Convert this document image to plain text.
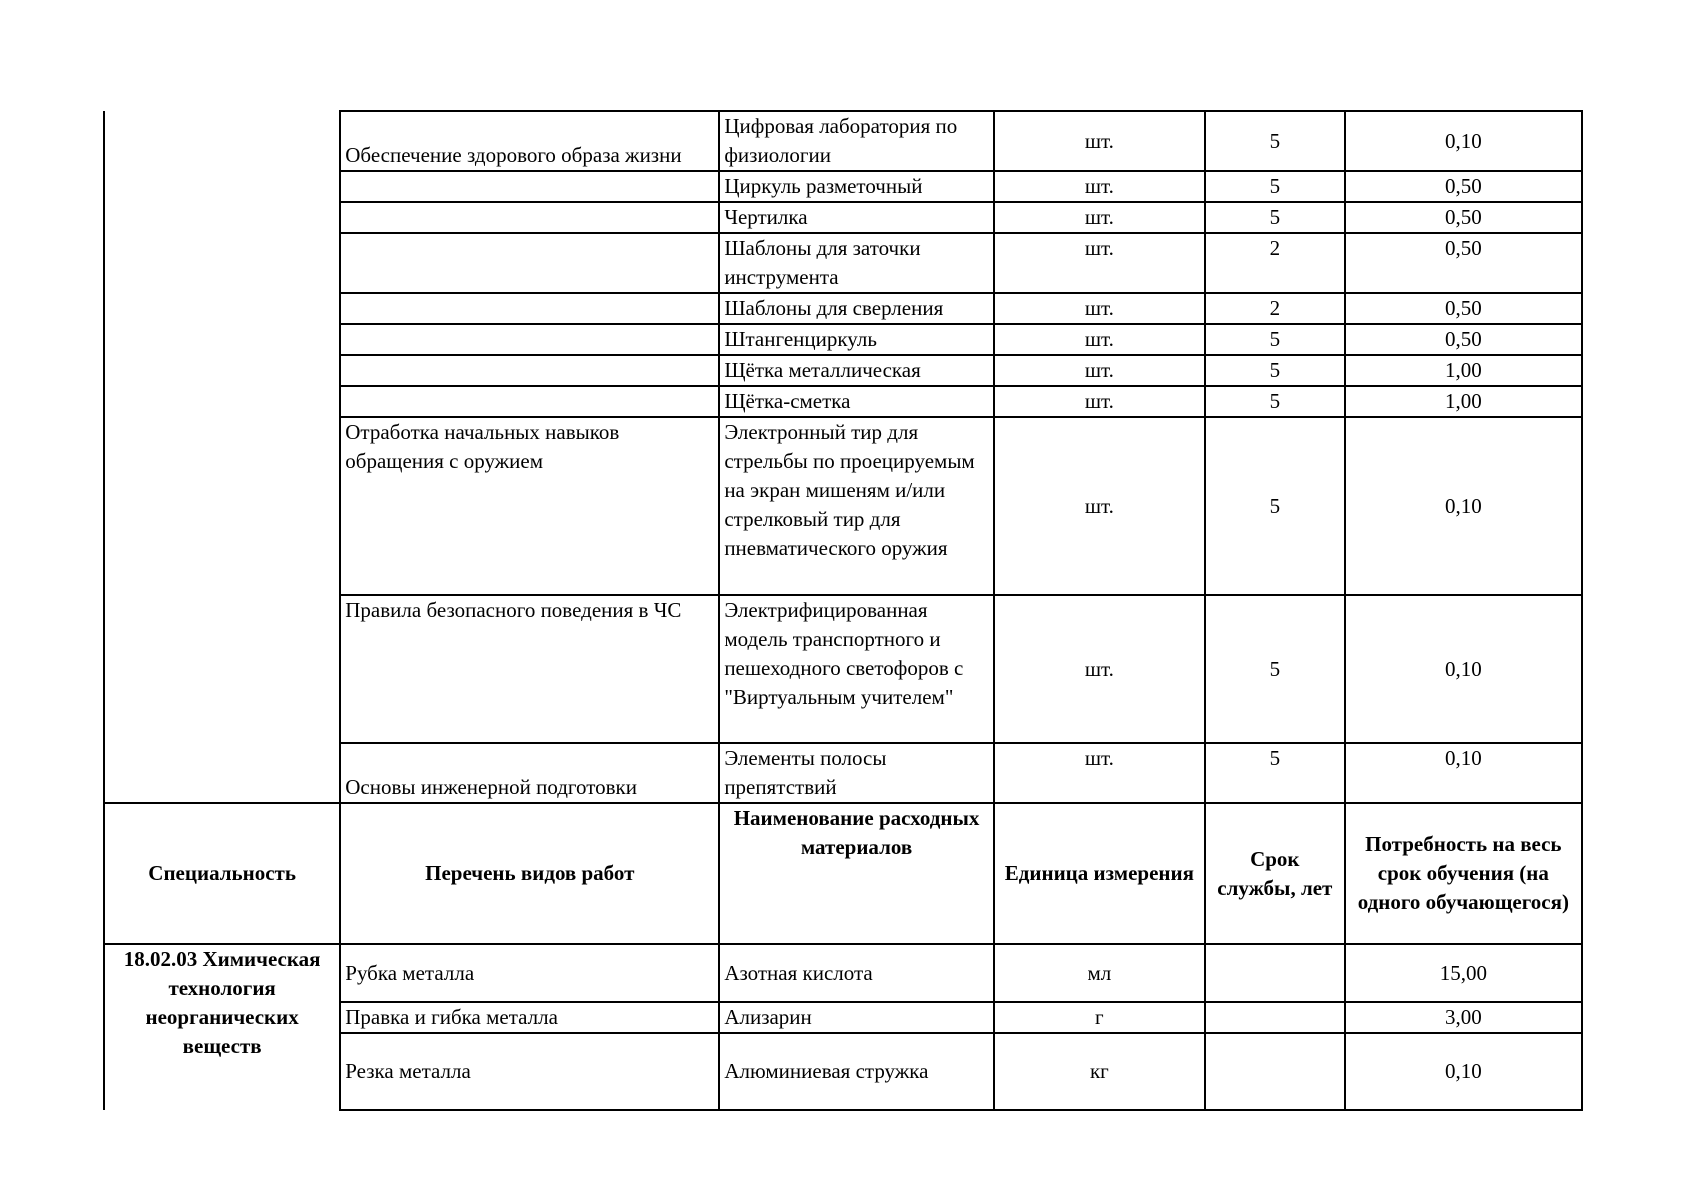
	Обеспечение здорового образа жизни	Цифровая лаборатория по физиологии	шт.	5	0,10
		Циркуль разметочный	шт.	5	0,50
		Чертилка	шт.	5	0,50
		Шаблоны для заточки инструмента	шт.	2	0,50
		Шаблоны для сверления	шт.	2	0,50
		Штангенциркуль	шт.	5	0,50
		Щётка металлическая	шт.	5	1,00
		Щётка-сметка	шт.	5	1,00
	Отработка начальных навыков обращения с оружием	Электронный тир для стрельбы по проецируемым на экран мишеням и/или стрелковый тир для пневматического оружия	шт.	5	0,10
	Правила безопасного поведения в ЧС	Электрифицированная модель транспортного и пешеходного светофоров с "Виртуальным учителем"	шт.	5	0,10
	Основы инженерной подготовки	Элементы полосы препятствий	шт.	5	0,10
Специальность	Перечень видов работ	Наименование расходных материалов	Единица измерения	Срок службы, лет	Потребность на весь срок обучения (на одного обучающегося)
18.02.03 Химическая технология неорганических веществ	Рубка металла	Азотная кислота	мл		15,00
	Правка и гибка металла	Ализарин	г		3,00
	Резка металла	Алюминиевая стружка	кг		0,10
